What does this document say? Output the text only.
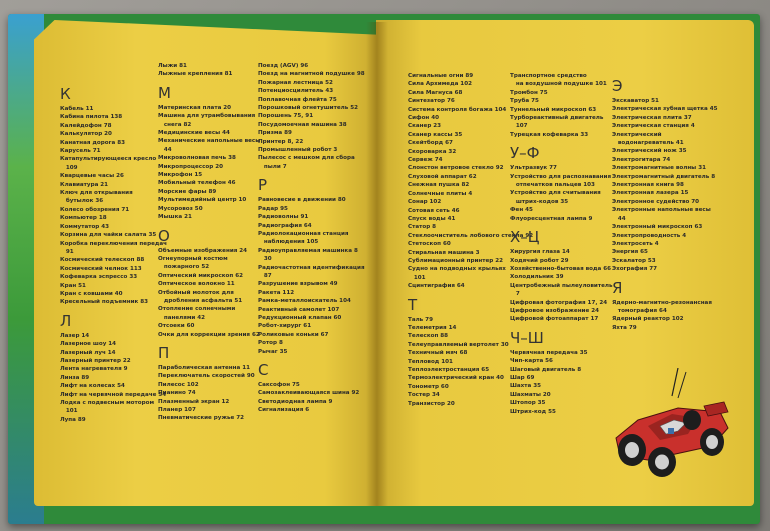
К
Кабель 11
Кабина пилота 138
Калейдофон 78
Калькулятор 20
Канатная дорога 83
Карусель 71
Катапультирующееся кресло
109
Кварцевые часы 26
Клавиатура 21
Ключ для открывания
бутылок 36
Колесо обозрения 71
Компьютер 18
Коммутатор 43
Корзина для чайки салата 35
Коробка переключения передач
91
Космический телескоп 88
Космический челнок 113
Кофеварка эспрессо 33
Кран 51
Кран с ковшами 40
Кресельный подъемник 83
Л
Лазер 14
Лазерное шоу 14
Лазерный луч 14
Лазерный принтер 22
Лента нагревателя 9
Линза 89
Лифт на колесах 54
Лифт на червячной передаче 54
Лодка с подвесным мотором
101
Лупа 89
Лыжи 81
Лыжные крепления 81
М
Материнская плата 20
Машина для утрамбовывания
снега 82
Медицинские весы 44
Механические напольные весы
44
Микроволновая печь 38
Микропроцессор 20
Микрофон 15
Мобильный телефон 46
Морские фары 89
Мультимедийный центр 10
Мусоровоз 50
Мышка 21
О
Объемные изображения 24
Огнеупорный костюм
пожарного 52
Оптический микроскоп 62
Оптическое волокно 11
Отбойный молоток для
дробления асфальта 51
Отопление солнечными
панелями 42
Отсоеки 60
Очки для коррекции зрения 62
П
Параболическая антенна 11
Переключатель скоростей 90
Пилесос 102
Пианино 74
Плазменный экран 12
Планер 107
Пневматические ружье 72
Поезд (AGV) 96
Поезд на магнитной подушке 98
Пожарная лестница 52
Потенциосцилитель 43
Поплавочная флейта 75
Порошковый огнетушитель 52
Порошень 75, 91
Посудомоечная машина 38
Призма 89
Принтер 8, 22
Промышленный робот 3
Пылесос с мешком для сбора
пыли 7
Р
Равновесие в движении 80
Радар 95
Радиоволны 91
Радиография 64
Радиолокационная станция
наблюдения 105
Радиоуправляемая машинка 8
30
Радиочастотная идентификация
87
Разрушение взрывом 49
Ракета 112
Рамка-металлоискатель 104
Реактивный самолет 107
Редукционный клапан 60
Робот-хирург 61
Роликовые коньки 67
Ротор 8
Рычаг 35
С
Саксофон 75
Самозаклеивающаяся шина 92
Светодиодная лампа 9
Сигнализация 6
Сигнальные огни 89
Сила Архимеда 102
Сила Магнуса 68
Синтезатор 76
Система контроля богажа 104
Сифон 40
Сканер 23
Сканер кассы 35
Скейтборд 67
Скороварка 32
Сервеж 74
Слонстон ветровое стекло 92
Слуховой аппарат 62
Снежная пушка 82
Солнечные плиты 4
Сонар 102
Сотовая сеть 46
Спуск воды 41
Статор 8
Стеклоочиститель лобового стекла 92
Стетоскоп 60
Стиральная машина 3
Сублимационный принтер 22
Судно на подводных крыльях
101
Сцинтиграфия 64
Т
Таль 79
Телеметрия 14
Телескоп 88
Телеуправляемый вертолет 30
Техничный мяч 68
Тепловод 101
Теплоэлектростанция 65
Термоэлектрический кран 40
Тонометр 60
Тостер 34
Транзистор 20
Транспортное средство
на воздушной подушке 101
Тромбон 75
Труба 75
Туннельный микроскоп 63
Турбореактивный двигатель
107
Турецкая кофеварка 33
У–Ф
Ультразвук 77
Устройство для распознавания
отпечатков пальцев 103
Устройство для считывания
штрих-кодов 35
Фен 45
Флуоресцентная лампа 9
Х–Ц
Хирургия глаза 14
Ходячий робот 29
Хозяйственно-бытовая вода 66
Холодильник 39
Центробежный пылеуловитель
7
Цифровая фотография 17, 24
Цифровое изображение 24
Цифровой фотоаппарат 17
Ч–Ш
Червячная передача 35
Чип-карта 56
Шаговый двигатель 8
Шар 69
Шахта 35
Шахматы 20
Штопор 35
Штрих-код 55
Э
Экскаватор 51
Электрическая зубная щетка 45
Электрическая плита 37
Электрическая станция 4
Электрический
водонагреватель 41
Электрический нож 35
Электрогитара 74
Электромагнитные волны 31
Электромагнитный двигатель 8
Электронная книга 98
Электронная лазера 15
Электронное судейство 70
Электронные напольные весы
44
Электронный микроскоп 63
Электропроводность 4
Электросеть 4
Энергия 65
Эскалатор 53
Эхография 77
Я
Ядерно-магнитно-резонансная
томография 64
Ядерный реактор 102
Яхта 79
